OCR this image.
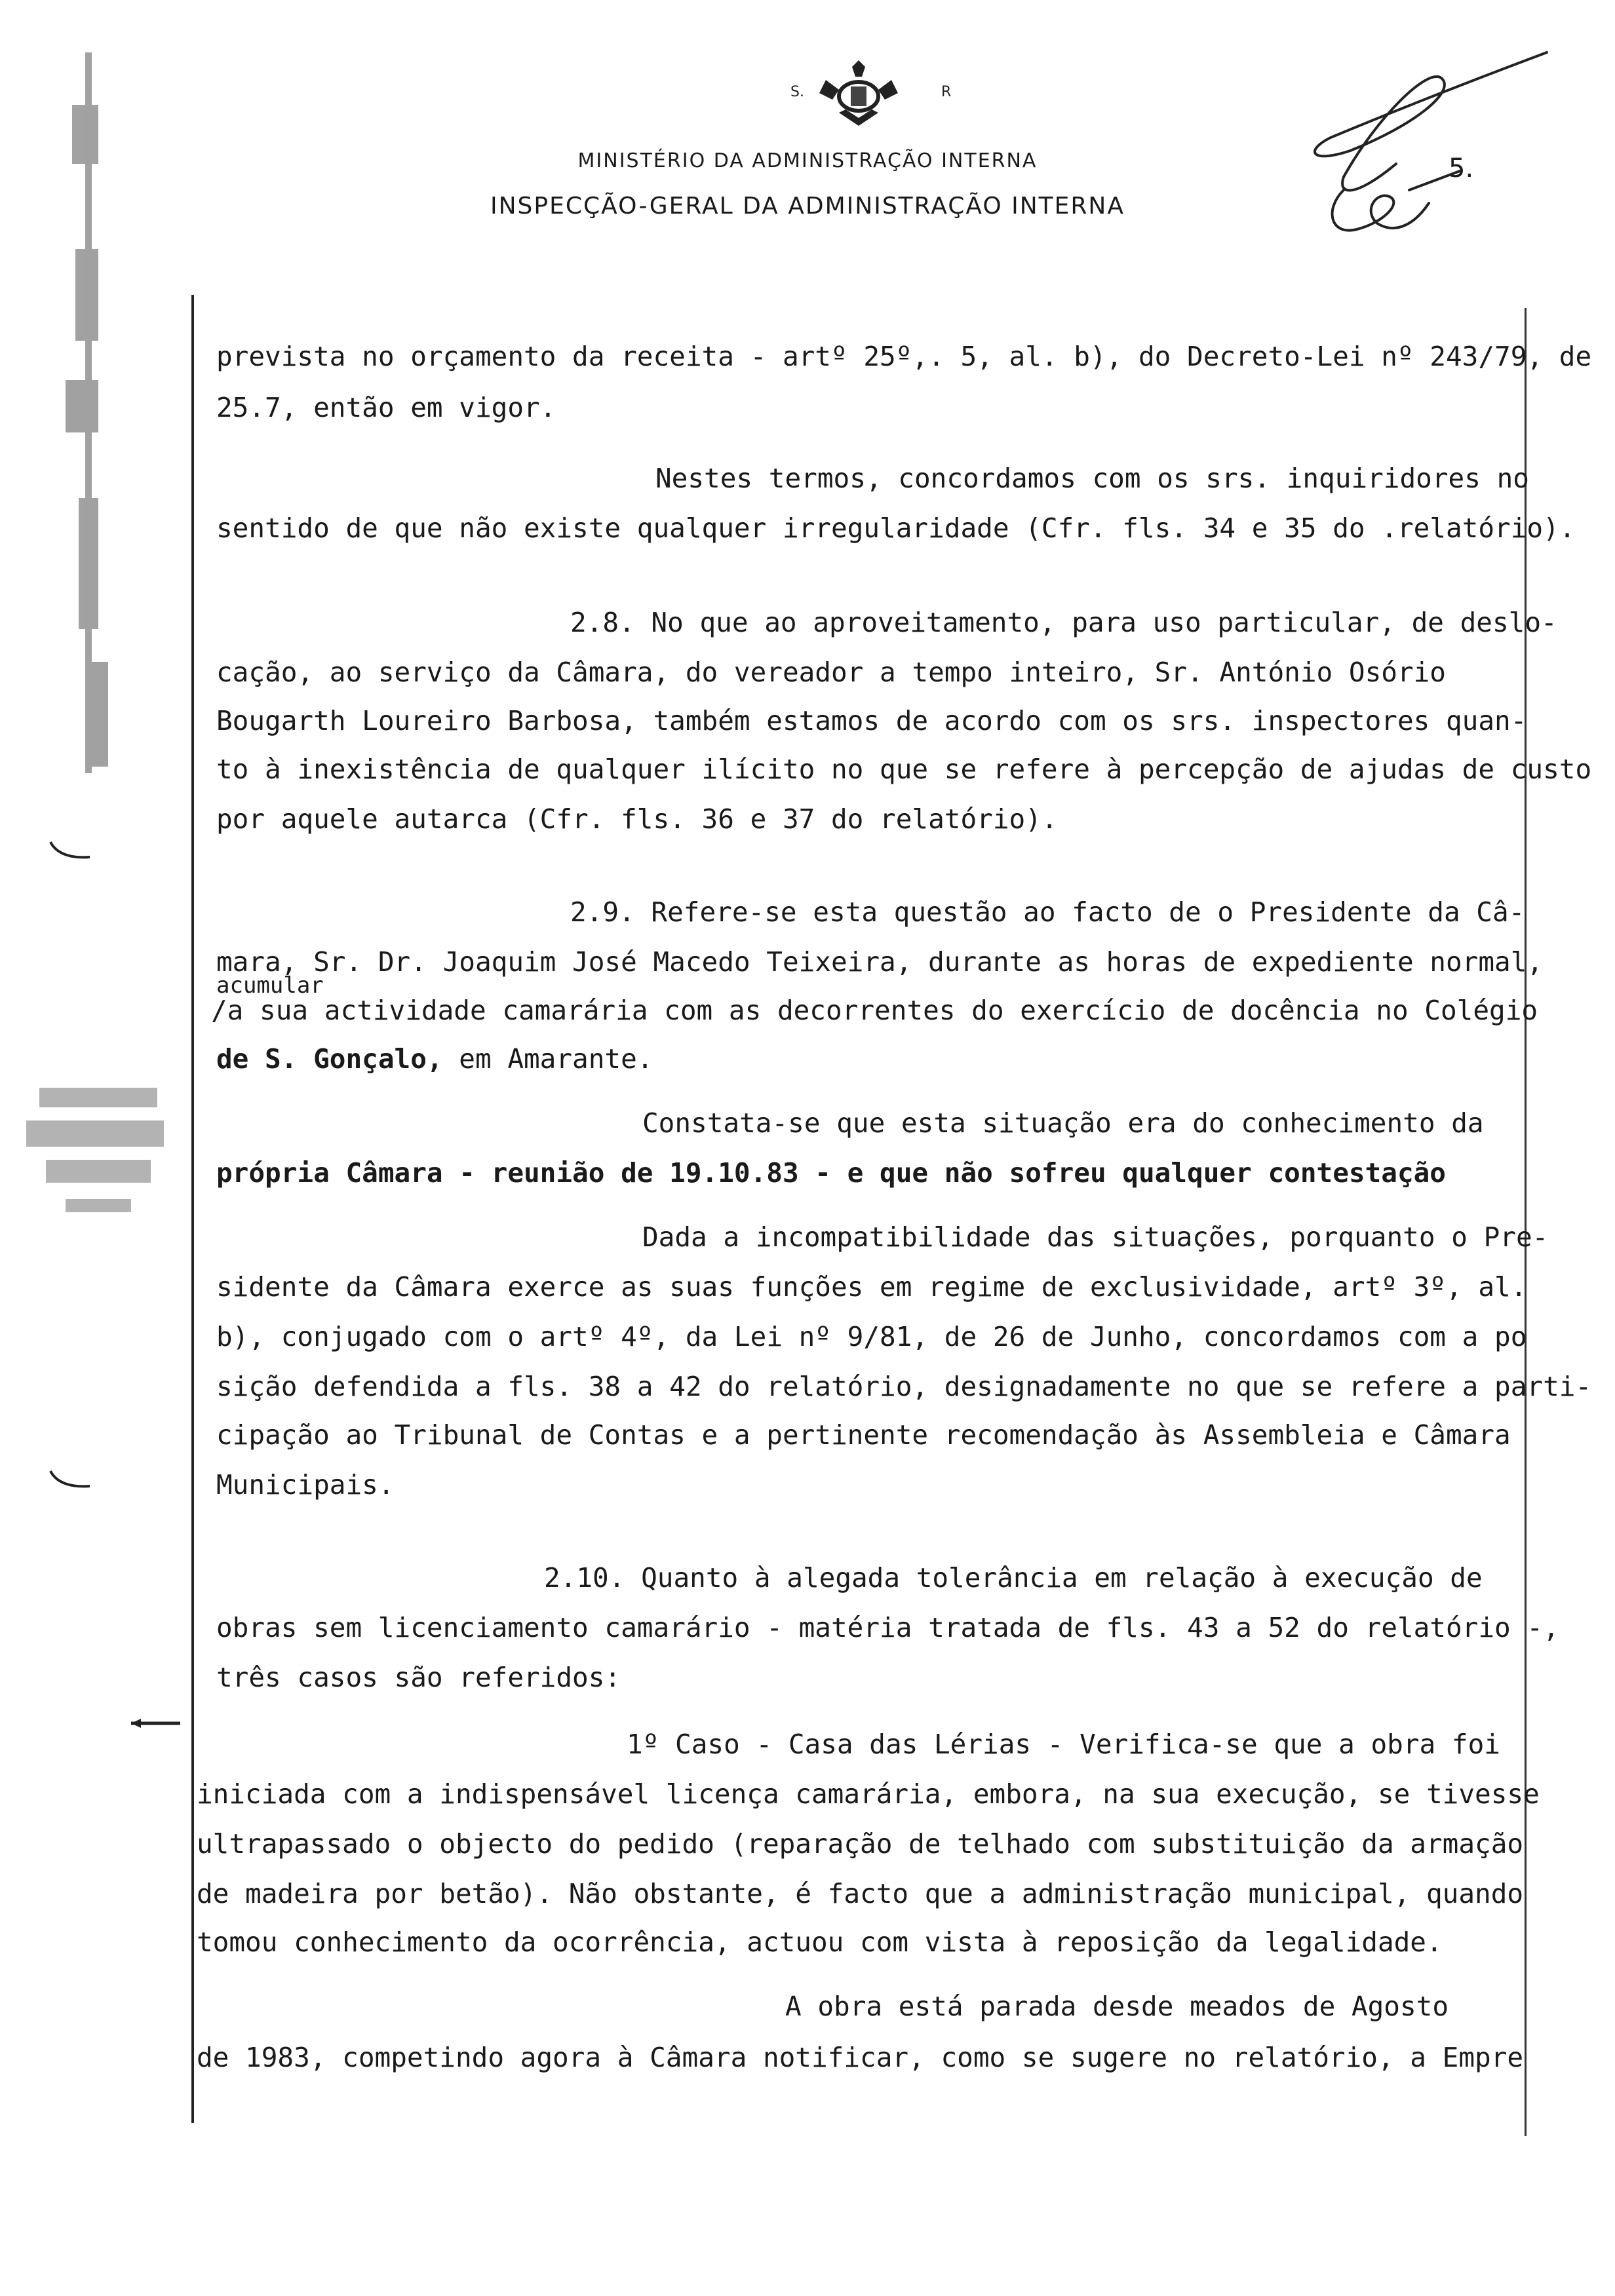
S.	R
MINISTÉRIO DA ADMINISTRAÇÃO INTERNA
INSPECÇÃO-GERAL DA ADMINISTRAÇÃO INTERNA
5.
prevista no orçamento da receita - artº 25º,. 5, al. b), do Decreto-Lei nº 243/79, de
25.7, então em vigor.
Nestes termos, concordamos com os srs. inquiridores no
sentido de que não existe qualquer irregularidade (Cfr. fls. 34 e 35 do .relatório).
2.8. No que ao aproveitamento, para uso particular, de deslo-
cação, ao serviço da Câmara, do vereador a tempo inteiro, Sr. António Osório
Bougarth Loureiro Barbosa, também estamos de acordo com os srs. inspectores quan-
to à inexistência de qualquer ilícito no que se refere à percepção de ajudas de custo
por aquele autarca (Cfr. fls. 36 e 37 do relatório).
2.9. Refere-se esta questão ao facto de o Presidente da Câ-
mara, Sr. Dr. Joaquim José Macedo Teixeira, durante as horas de expediente normal,
acumular
/a sua actividade camarária com as decorrentes do exercício de docência no Colégio
de S. Gonçalo, em Amarante.
Constata-se que esta situação era do conhecimento da
própria Câmara - reunião de 19.10.83 - e que não sofreu qualquer contestação
Dada a incompatibilidade das situações, porquanto o Pre-
sidente da Câmara exerce as suas funções em regime de exclusividade, artº 3º, al.
b), conjugado com o artº 4º, da Lei nº 9/81, de 26 de Junho, concordamos com a po
sição defendida a fls. 38 a 42 do relatório, designadamente no que se refere a parti-
cipação ao Tribunal de Contas e a pertinente recomendação às Assembleia e Câmara
Municipais.
2.10. Quanto à alegada tolerância em relação à execução de
obras sem licenciamento camarário - matéria tratada de fls. 43 a 52 do relatório -,
três casos são referidos:
1º Caso - Casa das Lérias - Verifica-se que a obra foi
iniciada com a indispensável licença camarária, embora, na sua execução, se tivesse
ultrapassado o objecto do pedido (reparação de telhado com substituição da armação
de madeira por betão). Não obstante, é facto que a administração municipal, quando
tomou conhecimento da ocorrência, actuou com vista à reposição da legalidade.
A obra está parada desde meados de Agosto
de 1983, competindo agora à Câmara notificar, como se sugere no relatório, a Empre
